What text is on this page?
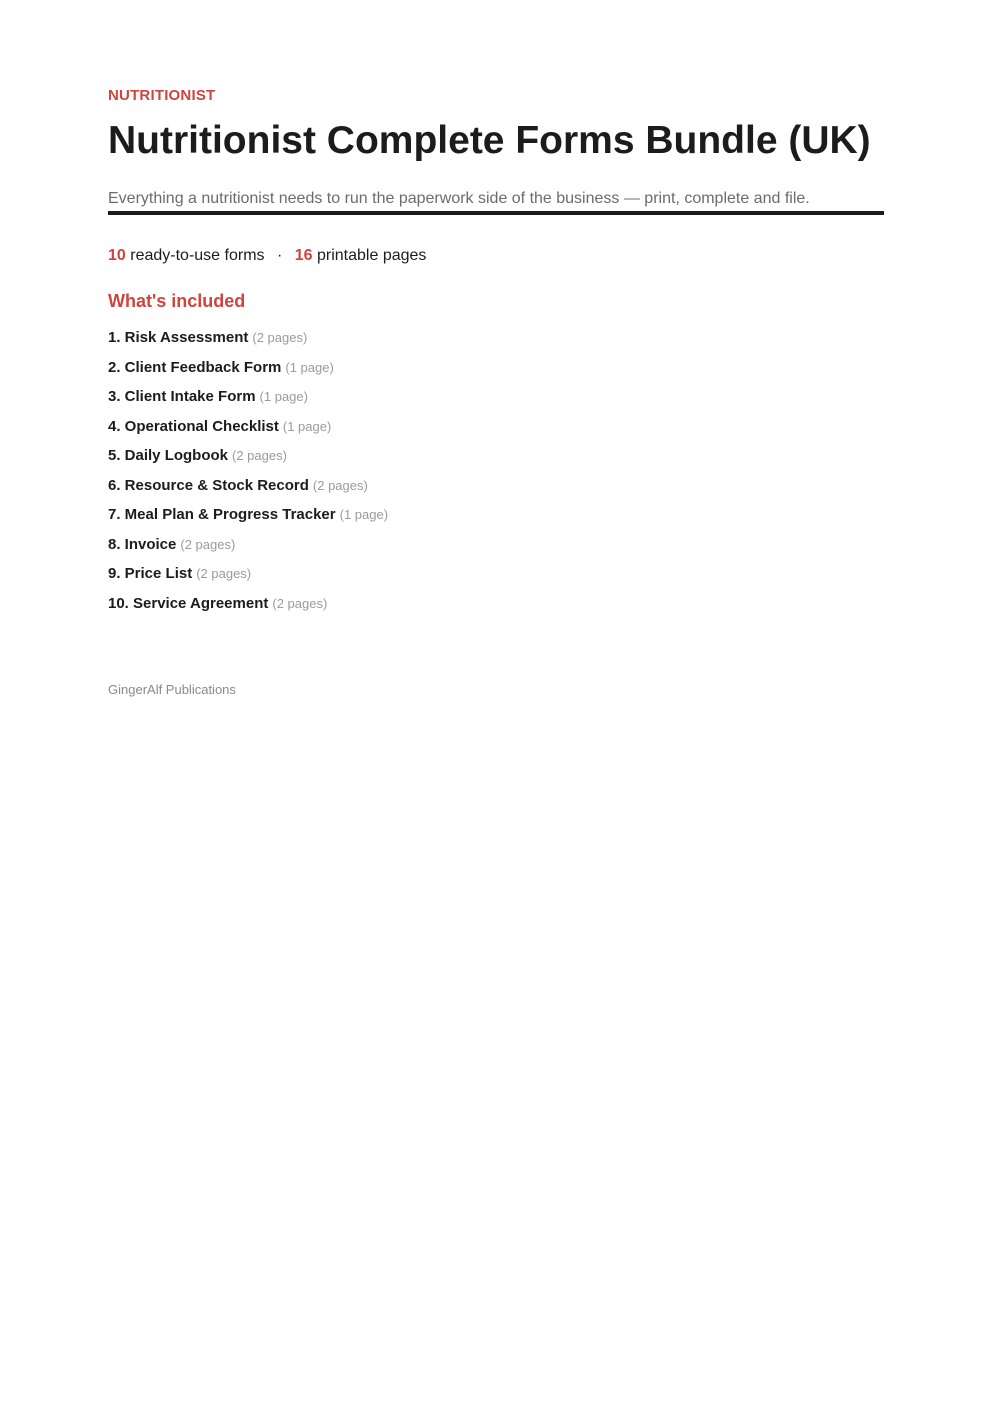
NUTRITIONIST
Nutritionist Complete Forms Bundle (UK)
Everything a nutritionist needs to run the paperwork side of the business — print, complete and file.
10 ready-to-use forms · 16 printable pages
What's included
1. Risk Assessment (2 pages)
2. Client Feedback Form (1 page)
3. Client Intake Form (1 page)
4. Operational Checklist (1 page)
5. Daily Logbook (2 pages)
6. Resource & Stock Record (2 pages)
7. Meal Plan & Progress Tracker (1 page)
8. Invoice (2 pages)
9. Price List (2 pages)
10. Service Agreement (2 pages)
GingerAlf Publications
